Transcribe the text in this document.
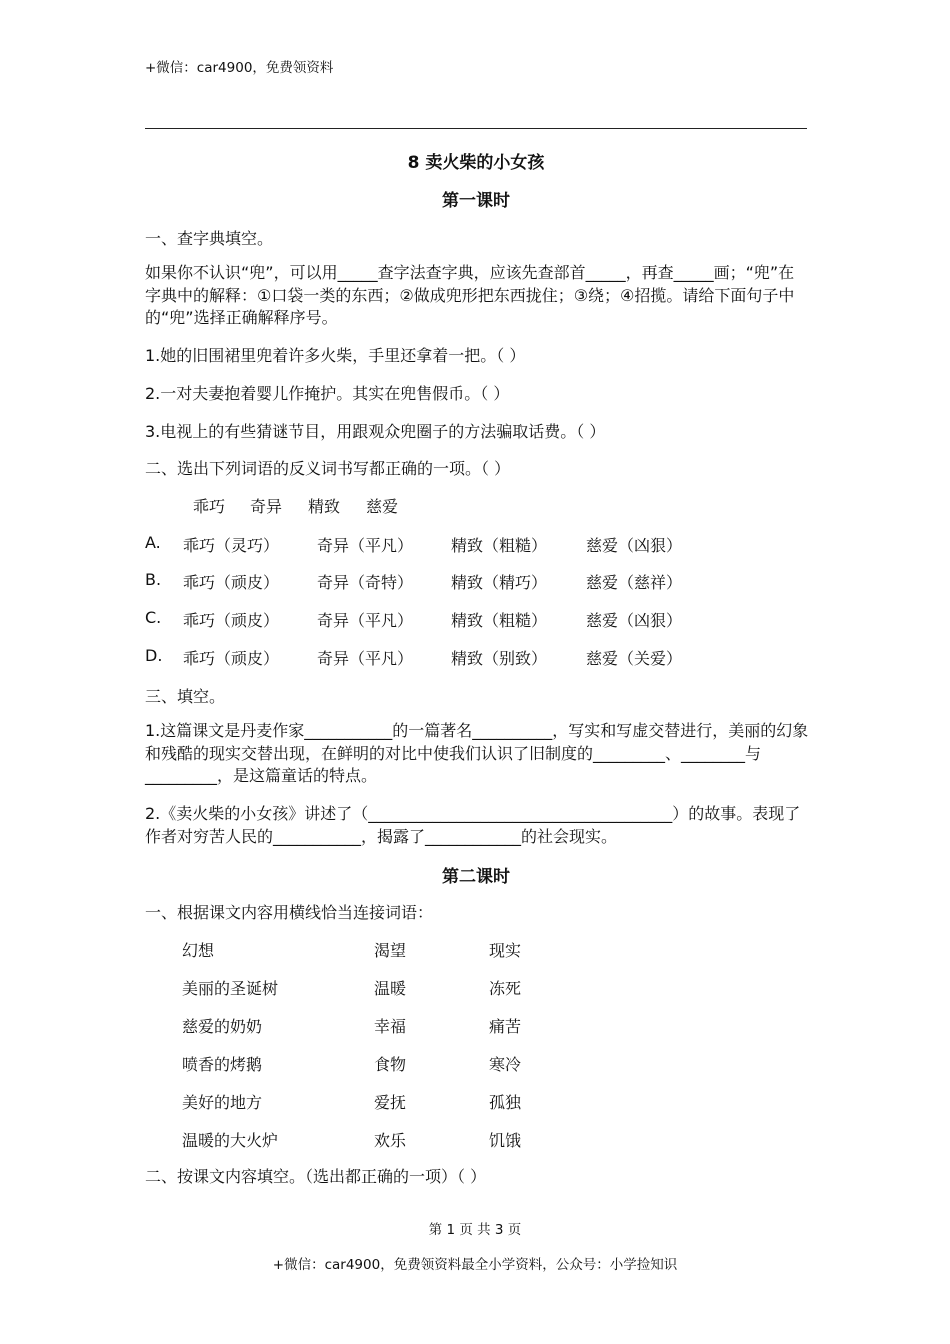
+微信：car4900，免费领资料
8 卖火柴的小女孩
第一课时
一、查字典填空。
如果你不认识“兜”，可以用_____查字法查字典，应该先查部首_____，再查_____画；“兜”在字典中的解释：①口袋一类的东西；②做成兜形把东西拢住；③绕；④招揽。请给下面句子中的“兜”选择正确解释序号。
1.她的旧围裙里兜着许多火柴，手里还拿着一把。（ ）
2.一对夫妻抱着婴儿作掩护。其实在兜售假币。（ ）
3.电视上的有些猜谜节目，用跟观众兜圈子的方法骗取话费。（ ）
二、选出下列词语的反义词书写都正确的一项。（ ）
乖巧 奇异 精致 慈爱
A. 乖巧（灵巧） 奇异（平凡） 精致（粗糙） 慈爱（凶狠）
B. 乖巧（顽皮） 奇异（奇特） 精致（精巧） 慈爱（慈祥）
C. 乖巧（顽皮） 奇异（平凡） 精致（粗糙） 慈爱（凶狠）
D. 乖巧（顽皮） 奇异（平凡） 精致（别致） 慈爱（关爱）
三、填空。
1.这篇课文是丹麦作家___________的一篇著名__________，写实和写虚交替进行，美丽的幻象和残酷的现实交替出现，在鲜明的对比中使我们认识了旧制度的_________、________与_________，是这篇童话的特点。
2.《卖火柴的小女孩》讲述了（______________________________________）的故事。表现了作者对穷苦人民的___________，揭露了____________的社会现实。
第二课时
一、根据课文内容用横线恰当连接词语：
幻想	渴望	现实
美丽的圣诞树	温暖	冻死
慈爱的奶奶	幸福	痛苦
喷香的烤鹅	食物	寒冷
美好的地方	爱抚	孤独
温暖的大火炉	欢乐	饥饿
二、按课文内容填空。（选出都正确的一项）（ ）
第 1 页 共 3 页
+微信：car4900，免费领资料最全小学资料，公众号：小学捡知识
